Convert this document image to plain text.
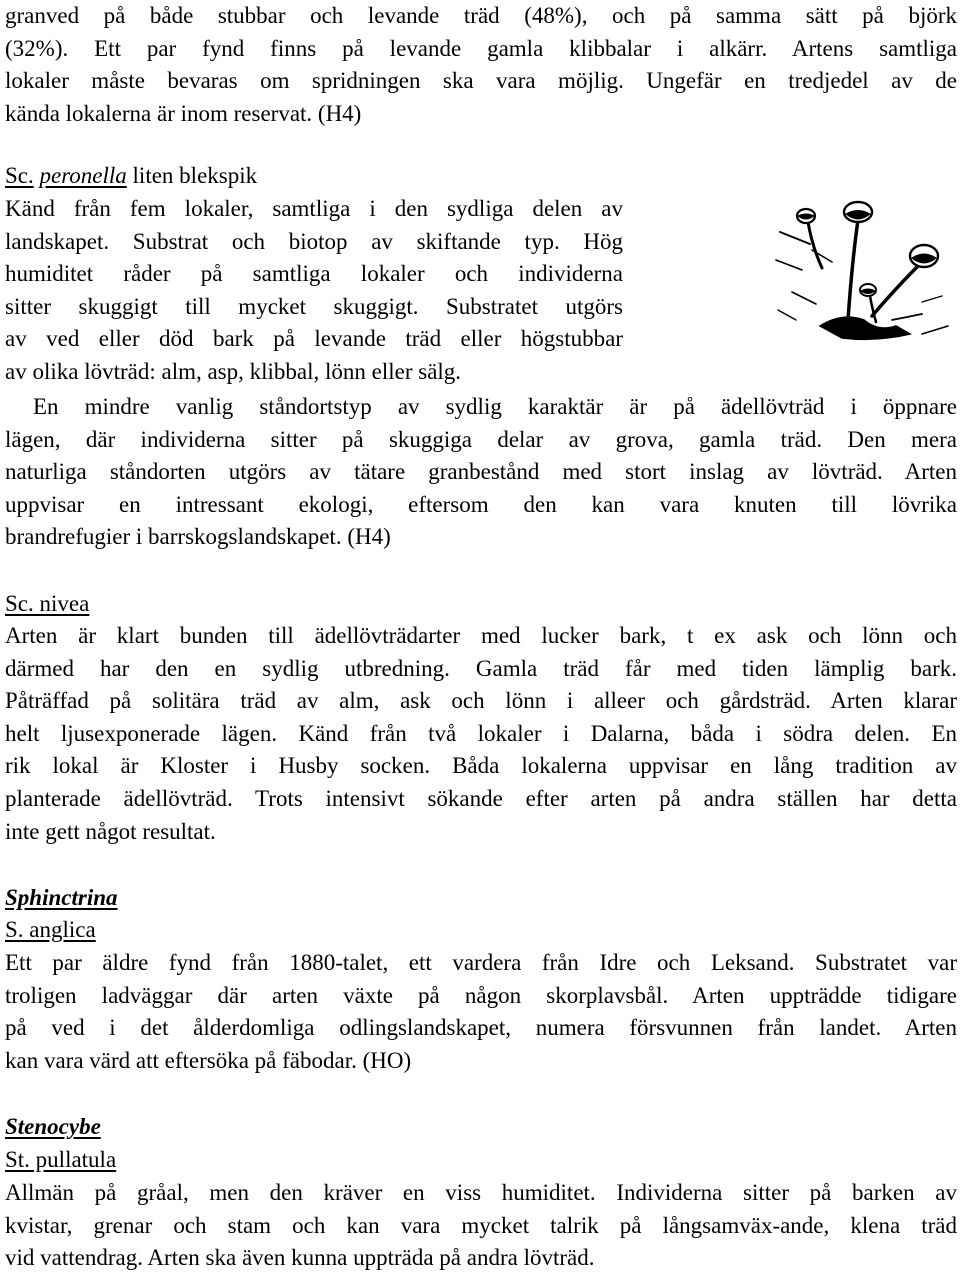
granved på både stubbar och levande träd (48%), och på samma sätt på björk

(32%). Ett par fynd finns på levande gamla klibbalar i alkärr. Artens samtliga

lokaler måste bevaras om spridningen ska vara möjlig. Ungefär en tredjedel av de

kända lokalerna är inom reservat. (H4)

Sc. peronella liten blekspik

Känd från fem lokaler, samtliga i den sydliga delen av

landskapet. Substrat och biotop av skiftande typ. Hög

humiditet råder på samtliga lokaler och individerna

sitter skuggigt till mycket skuggigt. Substratet utgörs

av ved eller död bark på levande träd eller högstubbar

av olika lövträd: alm, asp, klibbal, lönn eller sälg.

En mindre vanlig ståndortstyp av sydlig karaktär är på ädellövträd i öppnare

lägen, där individerna sitter på skuggiga delar av grova, gamla träd. Den mera

naturliga ståndorten utgörs av tätare granbestånd med stort inslag av lövträd. Arten

uppvisar en intressant ekologi, eftersom den kan vara knuten till lövrika

brandrefugier i barrskogslandskapet. (H4)

Sc. nivea

Arten är klart bunden till ädellövträdarter med lucker bark, t ex ask och lönn och

därmed har den en sydlig utbredning. Gamla träd får med tiden lämplig bark.

Påträffad på solitära träd av alm, ask och lönn i alleer och gårdsträd. Arten klarar

helt ljusexponerade lägen. Känd från två lokaler i Dalarna, båda i södra delen. En

rik lokal är Kloster i Husby socken. Båda lokalerna uppvisar en lång tradition av

planterade ädellövträd. Trots intensivt sökande efter arten på andra ställen har detta

inte gett något resultat.

Sphinctrina
S. anglica

Ett par äldre fynd från 1880-talet, ett vardera från Idre och Leksand. Substratet var

troligen ladväggar där arten växte på någon skorplavsbål. Arten uppträdde tidigare

på ved i det ålderdomliga odlingslandskapet, numera försvunnen från landet. Arten

kan vara värd att eftersöka på fäbodar. (HO)

Stenocybe
St. pullatula

Allmän på gråal, men den kräver en viss humiditet. Individerna sitter på barken av

kvistar, grenar och stam och kan vara mycket talrik på långsamväx-ande, klena träd

vid vattendrag. Arten ska även kunna uppträda på andra lövträd.
